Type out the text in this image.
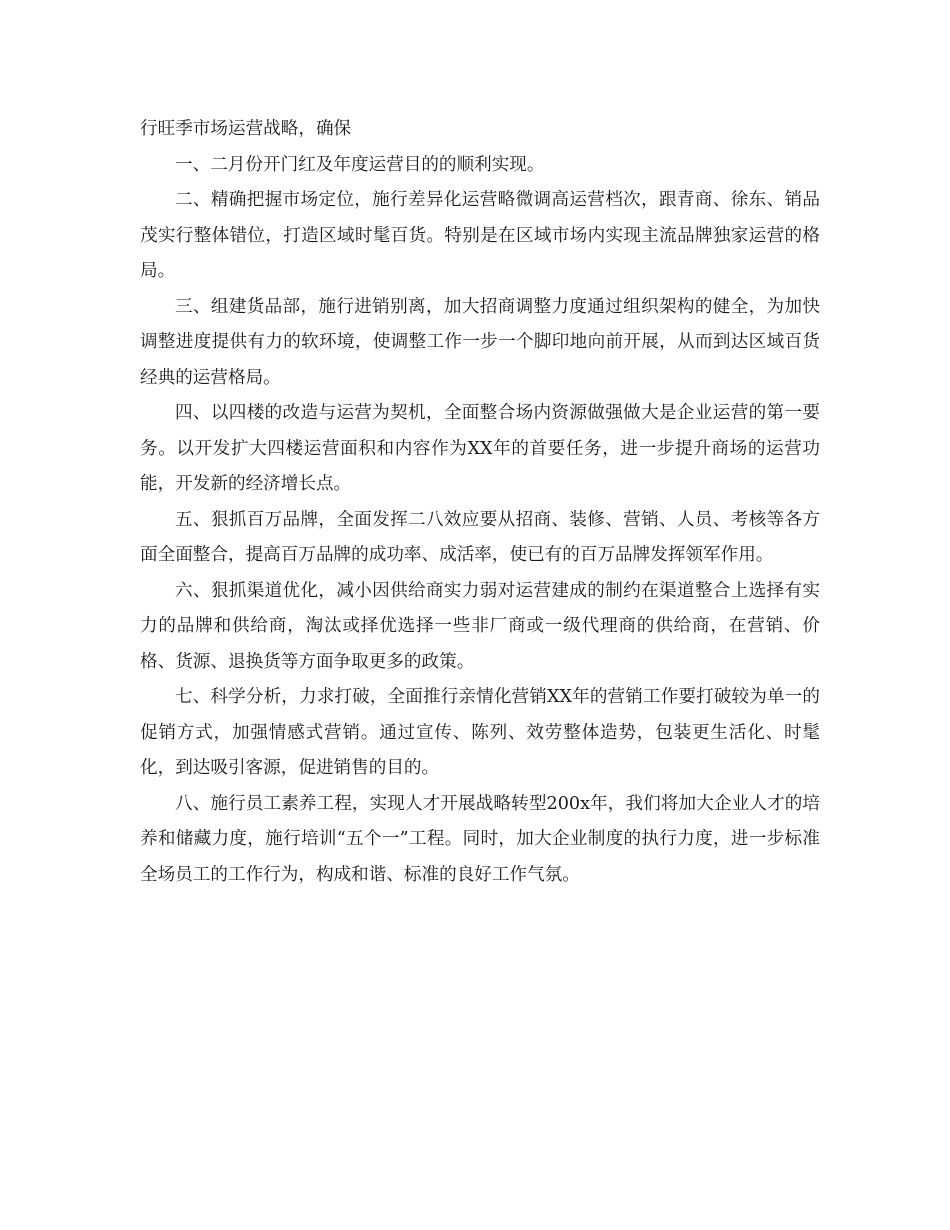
行旺季市场运营战略，确保

一、二月份开门红及年度运营目的的顺利实现。

二、精确把握市场定位，施行差异化运营略微调高运营档次，跟青商、徐东、销品茂实行整体错位，打造区域时髦百货。特别是在区域市场内实现主流品牌独家运营的格局。

三、组建货品部，施行进销别离，加大招商调整力度通过组织架构的健全，为加快调整进度提供有力的软环境，使调整工作一步一个脚印地向前开展，从而到达区域百货经典的运营格局。

四、以四楼的改造与运营为契机，全面整合场内资源做强做大是企业运营的第一要务。以开发扩大四楼运营面积和内容作为XX年的首要任务，进一步提升商场的运营功能，开发新的经济增长点。

五、狠抓百万品牌，全面发挥二八效应要从招商、装修、营销、人员、考核等各方面全面整合，提高百万品牌的成功率、成活率，使已有的百万品牌发挥领军作用。

六、狠抓渠道优化，减小因供给商实力弱对运营建成的制约在渠道整合上选择有实力的品牌和供给商，淘汰或择优选择一些非厂商或一级代理商的供给商，在营销、价格、货源、退换货等方面争取更多的政策。

七、科学分析，力求打破，全面推行亲情化营销XX年的营销工作要打破较为单一的促销方式，加强情感式营销。通过宣传、陈列、效劳整体造势，包装更生活化、时髦化，到达吸引客源，促进销售的目的。

八、施行员工素养工程，实现人才开展战略转型200x年，我们将加大企业人才的培养和储藏力度，施行培训“五个一”工程。同时，加大企业制度的执行力度，进一步标准全场员工的工作行为，构成和谐、标准的良好工作气氛。
